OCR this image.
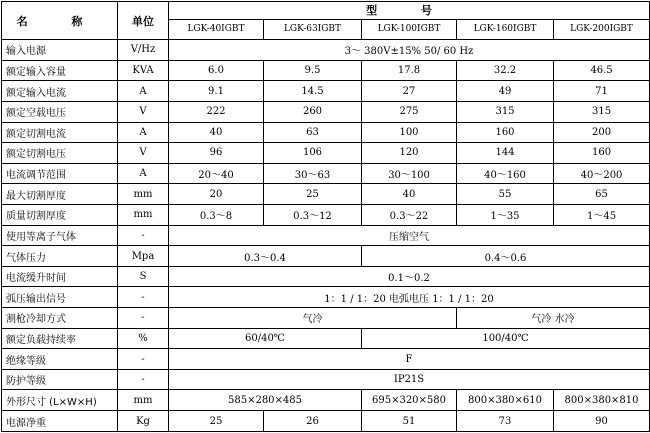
名 称	单位	型 号				
		LGK-40IGBT	LGK-63IGBT	LGK-100IGBT	LGK-160IGBT	LGK-200IGBT
输入电源	V/Hz	3～ 380V±15% 50/ 60 Hz				
额定输入容量	KVA	6.0	9.5	17.8	32.2	46.5
额定输入电流	A	9.1	14.5	27	49	71
额定空载电压	V	222	260	275	315	315
额定切割电流	A	40	63	100	160	200
额定切割电压	V	96	106	120	144	160
电流调节范围	A	20～40	30～63	30～100	40～160	40～200
最大切割厚度	mm	20	25	40	55	65
质量切割厚度	mm	0.3～8	0.3～12	0.3～22	1～35	1～45
使用等离子气体	-	压缩空气				
气体压力	Mpa	0.3～0.4		0.4～0.6		
电流缓升时间	S	0.1～0.2				
弧压输出信号	-	1：1 / 1：20 电弧电压 1：1 / 1：20				
割枪冷却方式	-	气冷			气冷 水冷	
额定负载持续率	%	60/40℃		100/40℃		
绝缘等级	-	F				
防护等级	-	IP21S				
外形尺寸 (L×W×H)	mm	585×280×485		695×320×580	800×380×610	800×380×810
电源净重	Kg	25	26	51	73	90
